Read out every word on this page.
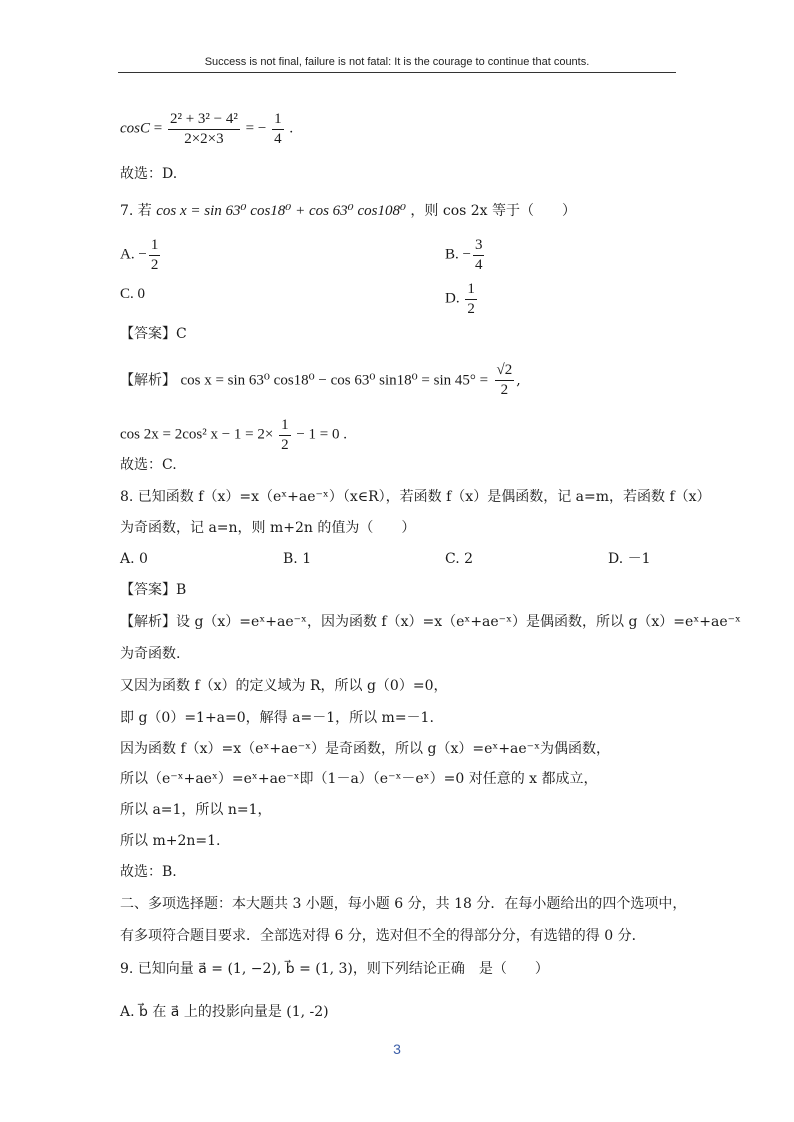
Success is not final, failure is not fatal: It is the courage to continue that counts.
$\cos C = \frac{\text{2² + 3² − 4²}}{2\times 2\times 3}$ = − $\frac{1}{4}$ .
故选：D.
7. 若 cos x = sin 63⁰ cos18⁰ + cos 63⁰ cos108⁰ ，则 cos 2x 等于（　　）
A. − $\frac{1}{2}$	B. − $\frac{3}{4}$
C. 0	D. $\frac{1}{2}$
【答案】C
【解析】 cos x = sin 63⁰ cos18⁰ − cos 63⁰ $\sin 18^0 = \sin 45^\circ = \frac{√2}{2}$ ,
cos 2x = 2cos² $x - 1 = 2\times \frac{1}{2} - 1 = 0$ .
故选：C.
8. 已知函数 f（x）=x（eˣ+ae⁻ˣ）（x∈R），若函数 f（x）是偶函数，记 a=m，若函数 f（x）
为奇函数，记 a=n，则 m+2n 的值为（　　）
A. 0	B. 1	C. 2	D. －1
【答案】B
【解析】设 g（x）=eˣ+ae⁻ˣ，因为函数 f（x）=x（eˣ+ae⁻ˣ）是偶函数，所以 g（x）=eˣ+ae⁻ˣ
为奇函数.
又因为函数 f（x）的定义域为 R，所以 g（0）=0，
即 g（0）=1+a=0，解得 a=－1，所以 m=－1.
因为函数 f（x）=x（eˣ+ae⁻ˣ）是奇函数，所以 g（x）=eˣ+ae⁻ˣ为偶函数，
所以（e⁻ˣ+aeˣ）=eˣ+ae⁻ˣ即（1－a）（e⁻ˣ－eˣ）=0 对任意的 x 都成立，
所以 a=1，所以 n=1，
所以 m+2n=1.
故选：B.
二、多项选择题：本大题共 3 小题，每小题 6 分，共 18 分．在每小题给出的四个选项中，
有多项符合题目要求．全部选对得 6 分，选对但不全的得部分分，有选错的得 0 分．
9. 已知向量 a⃗ = (1, −2), b⃗ = (1, 3)，则下列结论正确　是（　　）
A. b⃗ 在 a⃗ 上的投影向量是 (1, -2)
3
